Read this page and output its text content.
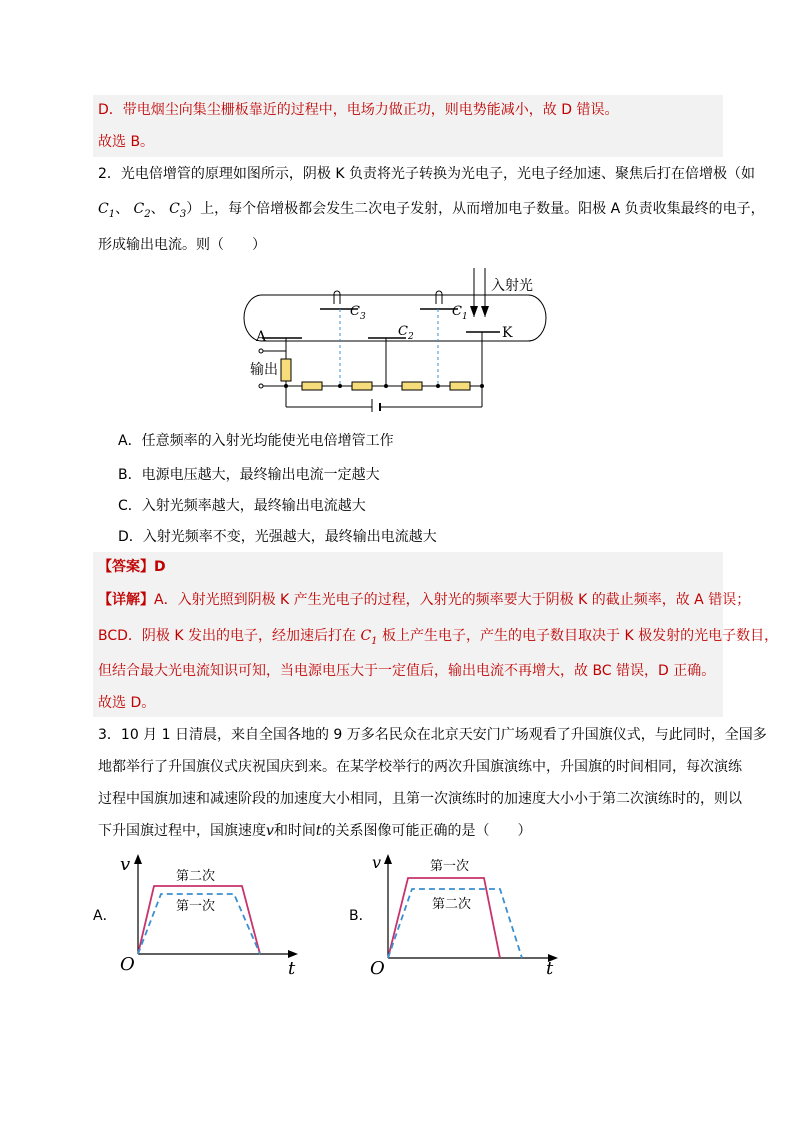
D．带电烟尘向集尘栅板靠近的过程中，电场力做正功，则电势能减小，故 D 错误。
故选 B。
2．光电倍增管的原理如图所示，阴极 K 负责将光子转换为光电子，光电子经加速、聚焦后打在倍增极（如
$C_1$、 $C_2$、 $C_3$）上，每个倍增极都会发生二次电子发射，从而增加电子数量。阳极 A 负责收集最终的电子，
形成输出电流。则（　　）
入射光
K
$C_1$
$C_3$
$C_2$
A
输出
A．任意频率的入射光均能使光电倍增管工作
B．电源电压越大，最终输出电流一定越大
C．入射光频率越大，最终输出电流越大
D．入射光频率不变，光强越大，最终输出电流越大
【答案】D
【详解】A．入射光照到阴极 K 产生光电子的过程，入射光的频率要大于阴极 K 的截止频率，故 A 错误；
BCD．阴极 K 发出的电子，经加速后打在 $C_1$ 板上产生电子，产生的电子数目取决于 K 极发射的光电子数目，
但结合最大光电流知识可知，当电源电压大于一定值后，输出电流不再增大，故 BC 错误，D 正确。
故选 D。
3．10 月 1 日清晨，来自全国各地的 9 万多名民众在北京天安门广场观看了升国旗仪式，与此同时，全国多
地都举行了升国旗仪式庆祝国庆到来。在某学校举行的两次升国旗演练中，升国旗的时间相同，每次演练
过程中国旗加速和减速阶段的加速度大小相同，且第一次演练时的加速度大小小于第二次演练时的，则以
下升国旗过程中，国旗速度v和时间t的关系图像可能正确的是（　　）
A．
v
O	t
第二次
第一次
B．
v
O	t
第一次
第二次
